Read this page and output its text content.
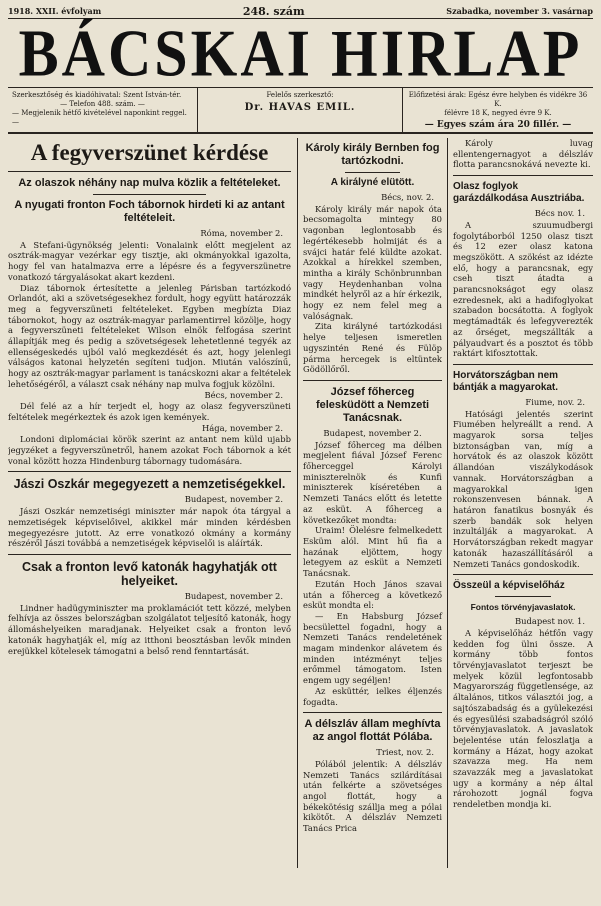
1918. XXII. évfolyam	248. szám	Szabadka, november 3. vasárnap
BÁCSKAI HIRLAP
Szerkesztőség és kiadóhivatal: Szent István-tér.
— Telefon 488. szám. —
— Megjelenik hétfő kivételével naponkint reggel. —
Felelős szerkesztő:
Dr. HAVAS EMIL.
Előfizetési árak: Egész évre helyben és vidékre 36 K.
félévre 18 K, negyed évre 9 K.
— Egyes szám ára 20 fillér. —
A fegyverszünet kérdése
Az olaszok néhány nap mulva közlik a feltételeket.
A nyugati fronton Foch tábornok hirdeti ki az antant feltételeit.
Róma, november 2.

A Stefani-ügynökség jelenti: Vonalaink előtt megjelent az osztrák-magyar vezérkar egy tisztje, aki okmányokkal igazolta, hogy fel van hatalmazva erre a lépésre és a fegyverszünetre vonatkozó tárgyalásokat akart kezdeni.

Diaz tábornok értesítette a jelenleg Párisban tartózkodó Orlandót, aki a szövetségesekhez fordult, hogy együtt határozzák meg a fegyverszüneti feltételeket. Egyben megbízta Diaz tábornokot, hogy az osztrák-magyar parlamentirrel közölje, hogy a fegyverszüneti feltételeket Wilson elnök felfogása szerint állapítják meg és pedig a szövetségesek lehetetlenné tegyék az ellenségeskedés ujból való megkezdését és azt, hogy jelenlegi válságos katonai helyzetén segíteni tudjon. Miután valószínű, hogy az osztrák-magyar parlament is tanácskozni akar a feltételek lehetőségéről, a választ csak néhány nap mulva fogjuk közölni.

Bécs, november 2.

Dél felé az a hír terjedt el, hogy az olasz fegyverszüneti feltételek megérkeztek és azok igen kemények.

Hága, november 2.

Londoni diplomáciai körök szerint az antant nem küld ujabb jegyzéket a fegyverszünetről, hanem azokat Foch tábornok a két vonal között hozza Hindenburg tábornagy tudomására.

Jászi Oszkár megegyezett a nemzetiségekkel.
Budapest, november 2.

Jászi Oszkár nemzetiségi miniszter már napok óta tárgyal a nemzetiségek képviselőivel, akikkel már minden kérdésben megegyezésre jutott. Az erre vonatkozó okmány a kormány részéről Jászi továbbá a nemzetiségek képviselői is aláírták.

Csak a fronton levő katonák hagyhatják ott helyeiket.
Budapest, november 2.

Lindner hadügyminiszter ma proklamációt tett közzé, melyben felhívja az összes belországban szolgálatot teljesítő katonák, hogy állomáshelyeiken maradjanak. Helyeiket csak a fronton levő katonák hagyhatják el, míg az itthoni beosztásban levők minden erejükkel kötelesek támogatni a belső rend fenntartását.

Károly király Bernben fog tartózkodni.
A királyné elütött.
Bécs, nov. 2.

Károly király már napok óta becsomagolta mintegy 80 vagonban leglontosabb és legértékesebb holmiját és a svájci határ felé küldte azokat. Azokkal a hírekkel szemben, mintha a király Schönbrunnban vagy Heydenhanban volna mindkét helyről az a hír érkezik, hogy ez nem felel meg a valóságnak.

Zita királyné tartózkodási helye teljesen ismeretlen ugyszintén René és Fülöp párma hercegek is eltüntek Gödöllőről.

József főherceg felesküdött a Nemzeti Tanácsnak.
Budapest, november 2.

József főherceg ma délben megjelent fiával József Ferenc főherceggel Károlyi miniszterelnök és Kunfi miniszterek kíséretében a Nemzeti Tanács előtt és letette az esküt. A főherceg a következőket mondta:

Uraim! Ölelésre felmelkedett Esküm alól. Mint hű fia a hazának eljöttem, hogy letegyem az esküt a Nemzeti Tanácsnak.

Ezután Hoch János szavai után a főherceg a következő esküt mondta el:

— En Habsburg József becsülettel fogadni, hogy a Nemzeti Tanács rendeletének magam mindenkor alávetem és minden intézményt teljes erőmmel támogatom. Isten engem ugy segéljen!

Az esküttér, ielkes éljenzés fogadta.

A délszláv állam meghívta az angol flottát Pólába.
Triest, nov. 2.

Pólából jelentik: A délszláv Nemzeti Tanács szilárdításai után felkérte a szövetséges angol flottát, hogy a békekötésig szállja meg a pólai kikötőt. A délszláv Nemzeti Tanács Prica

Károly luvag ellentengernagyot a délszláv flotta parancsnokává nevezte ki.

Olasz foglyok garázdálkodása Ausztriába.
Bécs nov. 1.

A szuumudbergi fogolytáborból 1250 olasz tiszt és 12 ezer olasz katona megszökött. A szökést az idézte elő, hogy a parancsnak, egy cseh tiszt átadta a parancsnokságot egy olasz ezredesnek, aki a hadifoglyokat szabadon bocsátotta. A foglyok megtámadták és lefegyverezték az őrséget, megszállták a pályaudvart és a posztot és több raktárt kifosztottak.

Horvátországban nem bántják a magyarokat.
Fiume, nov. 2.

Hatósági jelentés szerint Fiumében helyreállt a rend. A magyarok sorsa teljes biztonságban van, míg a horvátok és az olaszok között állandóan viszálykodások vannak. Horvátországban a magyarokkal igen rokonszenvesen bánnak. A határon fanatikus bosnyák és szerb bandák sok helyen inzultálják a magyarokat. A Horvátországban rekedt magyar katonák hazaszállításáról a Nemzeti Tanács gondoskodik.

Összeül a képviselőház
Fontos törvényjavaslatok.
Budapest nov. 1.

A képviselőház hétfőn vagy kedden fog ülni össze. A kormány több fontos törvényjavaslatot terjeszt be melyek közül legfontosabb Magyarország függetlensége, az általános, titkos választói jog, a sajtószabadság és a gyülekezési és egyesülési szabadságról szóló törvényjavaslatok. A javaslatok bejelentése után feloszlatja a kormány a Házat, hogy azokat szavazza meg. Ha nem szavazzák meg a javaslatokat ugy a kormány a nép által rárohozott jognál fogva rendeletben mondja ki.
